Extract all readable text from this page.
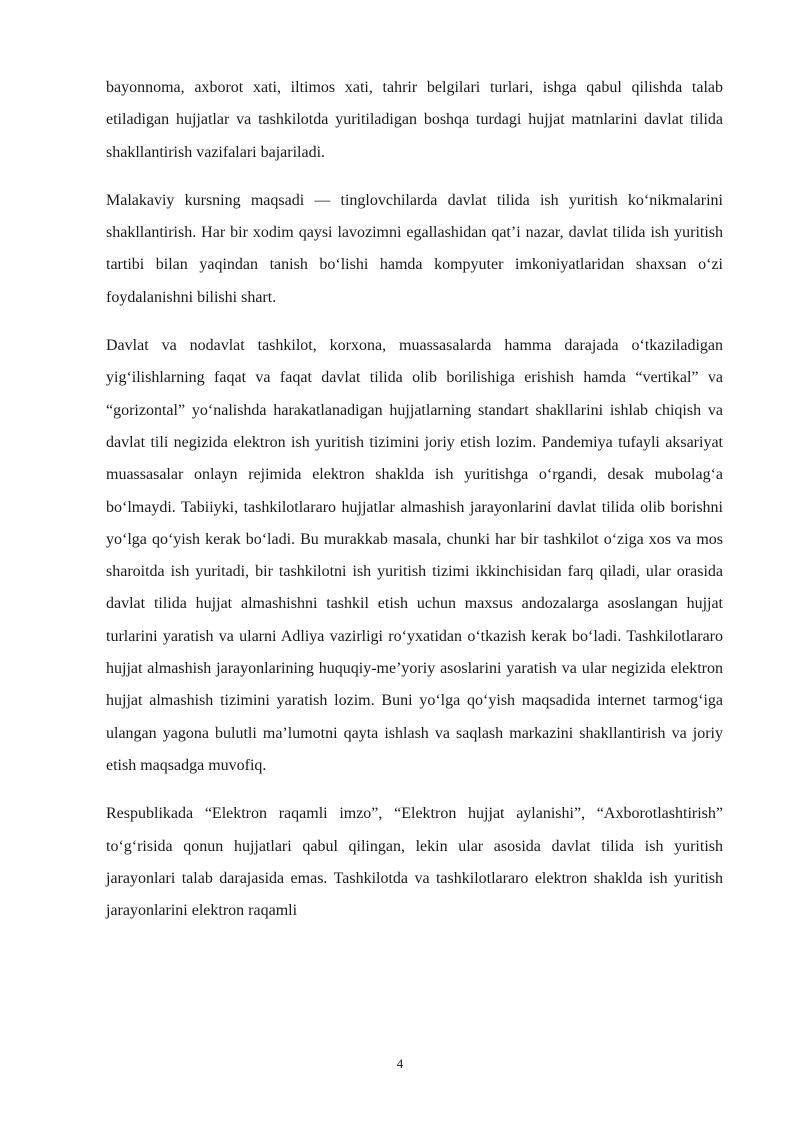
bayonnoma, axborot xati, iltimos xati, tahrir belgilari turlari, ishga qabul qilishda talab etiladigan hujjatlar va tashkilotda yuritiladigan boshqa turdagi hujjat matnlarini davlat tilida shakllantirish vazifalari bajariladi.

Malakaviy kursning maqsadi — tinglovchilarda davlat tilida ish yuritish ko‘nikmalarini shakllantirish. Har bir xodim qaysi lavozimni egallashidan qat’i nazar, davlat tilida ish yuritish tartibi bilan yaqindan tanish bo‘lishi hamda kompyuter imkoniyatlaridan shaxsan o‘zi foydalanishni bilishi shart.

Davlat va nodavlat tashkilot, korxona, muassasalarda hamma darajada o‘tkaziladigan yig‘ilishlarning faqat va faqat davlat tilida olib borilishiga erishish hamda “vertikal” va “gorizontal” yo‘nalishda harakatlanadigan hujjatlarning standart shakllarini ishlab chiqish va davlat tili negizida elektron ish yuritish tizimini joriy etish lozim. Pandemiya tufayli aksariyat muassasalar onlayn rejimida elektron shaklda ish yuritishga o‘rgandi, desak mubolag‘a bo‘lmaydi. Tabiiyki, tashkilotlararo hujjatlar almashish jarayonlarini davlat tilida olib borishni yo‘lga qo‘yish kerak bo‘ladi. Bu murakkab masala, chunki har bir tashkilot o‘ziga xos va mos sharoitda ish yuritadi, bir tashkilotni ish yuritish tizimi ikkinchisidan farq qiladi, ular orasida davlat tilida hujjat almashishni tashkil etish uchun maxsus andozalarga asoslangan hujjat turlarini yaratish va ularni Adliya vazirligi ro‘yxatidan o‘tkazish kerak bo‘ladi. Tashkilotlararo hujjat almashish jarayonlarining huquqiy-me’yoriy asoslarini yaratish va ular negizida elektron hujjat almashish tizimini yaratish lozim. Buni yo‘lga qo‘yish maqsadida internet tarmog‘iga ulangan yagona bulutli ma’lumotni qayta ishlash va saqlash markazini shakllantirish va joriy etish maqsadga muvofiq.

Respublikada “Elektron raqamli imzo”, “Elektron hujjat aylanishi”, “Axborotlashtirish” to‘g‘risida qonun hujjatlari qabul qilingan, lekin ular asosida davlat tilida ish yuritish jarayonlari talab darajasida emas. Tashkilotda va tashkilotlararo elektron shaklda ish yuritish jarayonlarini elektron raqamli

4
